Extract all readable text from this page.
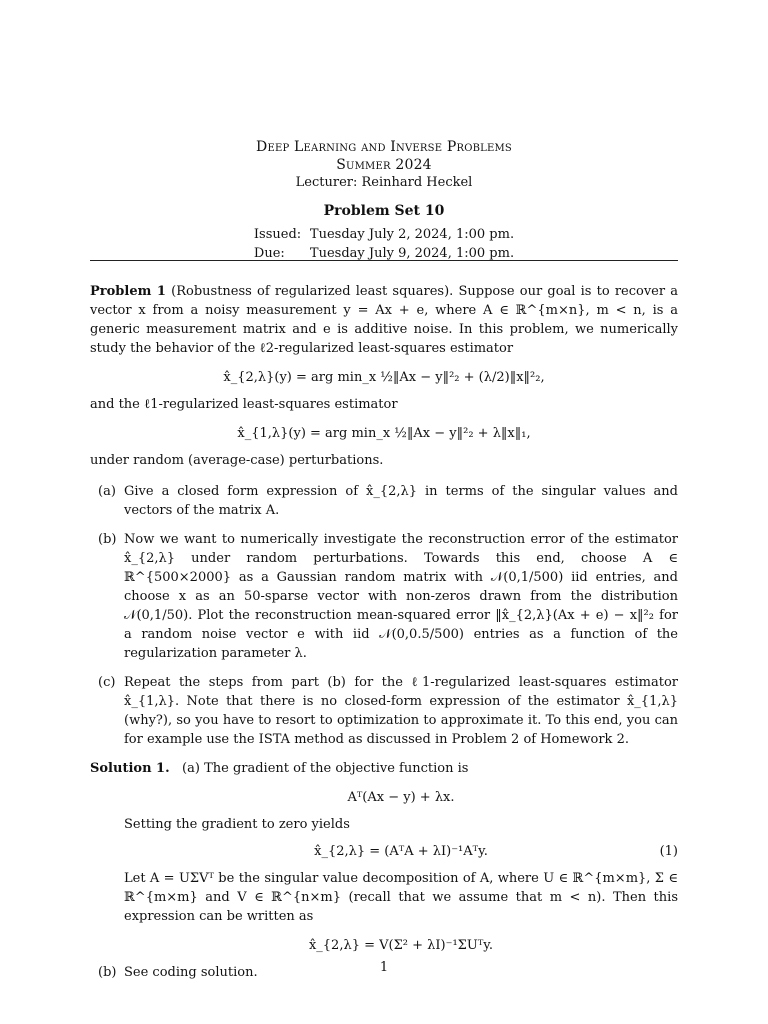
Deep Learning and Inverse Problems
Summer 2024
Lecturer: Reinhard Heckel
Problem Set 10
Issued: Tuesday July 2, 2024, 1:00 pm.
Due: Tuesday July 9, 2024, 1:00 pm.

Problem 1 (Robustness of regularized least squares). Suppose our goal is to recover a vector x from a noisy measurement y = Ax + e, where A ∈ ℝ^{m×n}, m < n, is a generic measurement matrix and e is additive noise. In this problem, we numerically study the behavior of the ℓ2-regularized least-squares estimator

x̂_{2,λ}(y) = arg min_x ½‖Ax − y‖²₂ + (λ/2)‖x‖²₂,

and the ℓ1-regularized least-squares estimator

x̂_{1,λ}(y) = arg min_x ½‖Ax − y‖²₂ + λ‖x‖₁,

under random (average-case) perturbations.

(a) Give a closed form expression of x̂_{2,λ} in terms of the singular values and vectors of the matrix A.
(b) Now we want to numerically investigate the reconstruction error of the estimator x̂_{2,λ} under random perturbations. Towards this end, choose A ∈ ℝ^{500×2000} as a Gaussian random matrix with 𝒩(0,1/500) iid entries, and choose x as an 50-sparse vector with non-zeros drawn from the distribution 𝒩(0,1/50). Plot the reconstruction mean-squared error ‖x̂_{2,λ}(Ax + e) − x‖²₂ for a random noise vector e with iid 𝒩(0,0.5/500) entries as a function of the regularization parameter λ.
(c) Repeat the steps from part (b) for the ℓ1-regularized least-squares estimator x̂_{1,λ}. Note that there is no closed-form expression of the estimator x̂_{1,λ} (why?), so you have to resort to optimization to approximate it. To this end, you can for example use the ISTA method as discussed in Problem 2 of Homework 2.

Solution 1. (a) The gradient of the objective function is

Aᵀ(Ax − y) + λx.

Setting the gradient to zero yields

x̂_{2,λ} = (AᵀA + λI)⁻¹Aᵀy.	(1)

Let A = UΣVᵀ be the singular value decomposition of A, where U ∈ ℝ^{m×m}, Σ ∈ ℝ^{m×m} and V ∈ ℝ^{n×m} (recall that we assume that m < n). Then this expression can be written as

x̂_{2,λ} = V(Σ² + λI)⁻¹ΣUᵀy.
(b) See coding solution.	1
